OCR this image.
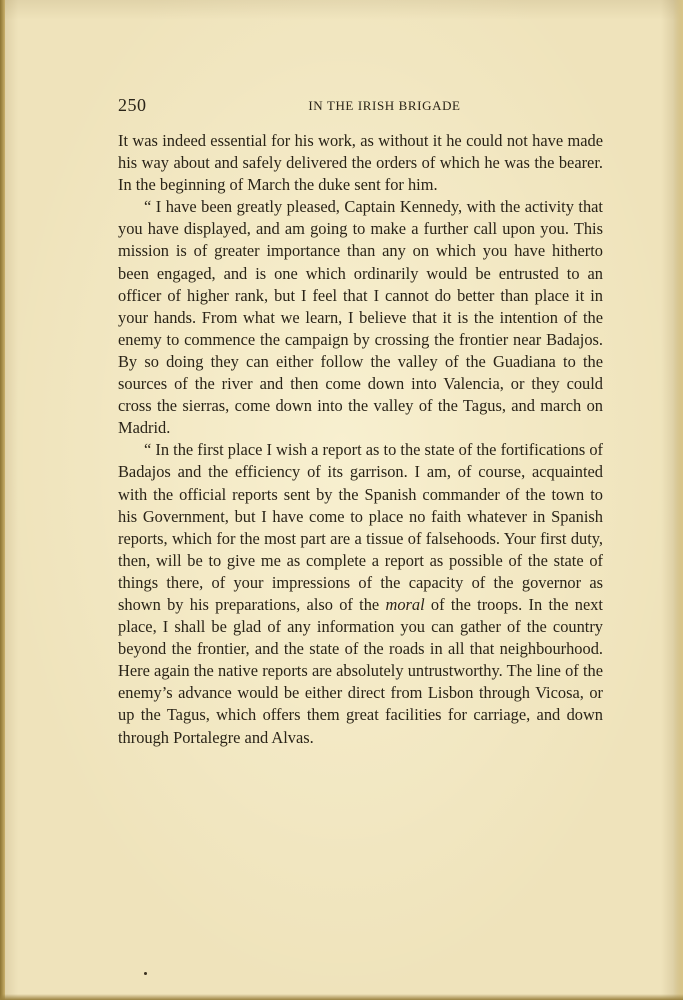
250	IN THE IRISH BRIGADE

It was indeed essential for his work, as without it he could not have made his way about and safely delivered the orders of which he was the bearer. In the beginning of March the duke sent for him.

“ I have been greatly pleased, Captain Kennedy, with the activity that you have displayed, and am going to make a further call upon you. This mission is of greater importance than any on which you have hitherto been engaged, and is one which ordinarily would be entrusted to an officer of higher rank, but I feel that I cannot do better than place it in your hands. From what we learn, I believe that it is the intention of the enemy to commence the campaign by crossing the frontier near Badajos. By so doing they can either follow the valley of the Guadiana to the sources of the river and then come down into Valencia, or they could cross the sierras, come down into the valley of the Tagus, and march on Madrid.

“ In the first place I wish a report as to the state of the fortifications of Badajos and the efficiency of its garrison. I am, of course, acquainted with the official reports sent by the Spanish commander of the town to his Government, but I have come to place no faith whatever in Spanish reports, which for the most part are a tissue of falsehoods. Your first duty, then, will be to give me as complete a report as possible of the state of things there, of your impressions of the capacity of the governor as shown by his preparations, also of the moral of the troops. In the next place, I shall be glad of any information you can gather of the country beyond the frontier, and the state of the roads in all that neighbourhood. Here again the native reports are absolutely untrustworthy. The line of the enemy’s advance would be either direct from Lisbon through Vicosa, or up the Tagus, which offers them great facilities for carriage, and down through Portalegre and Alvas.
